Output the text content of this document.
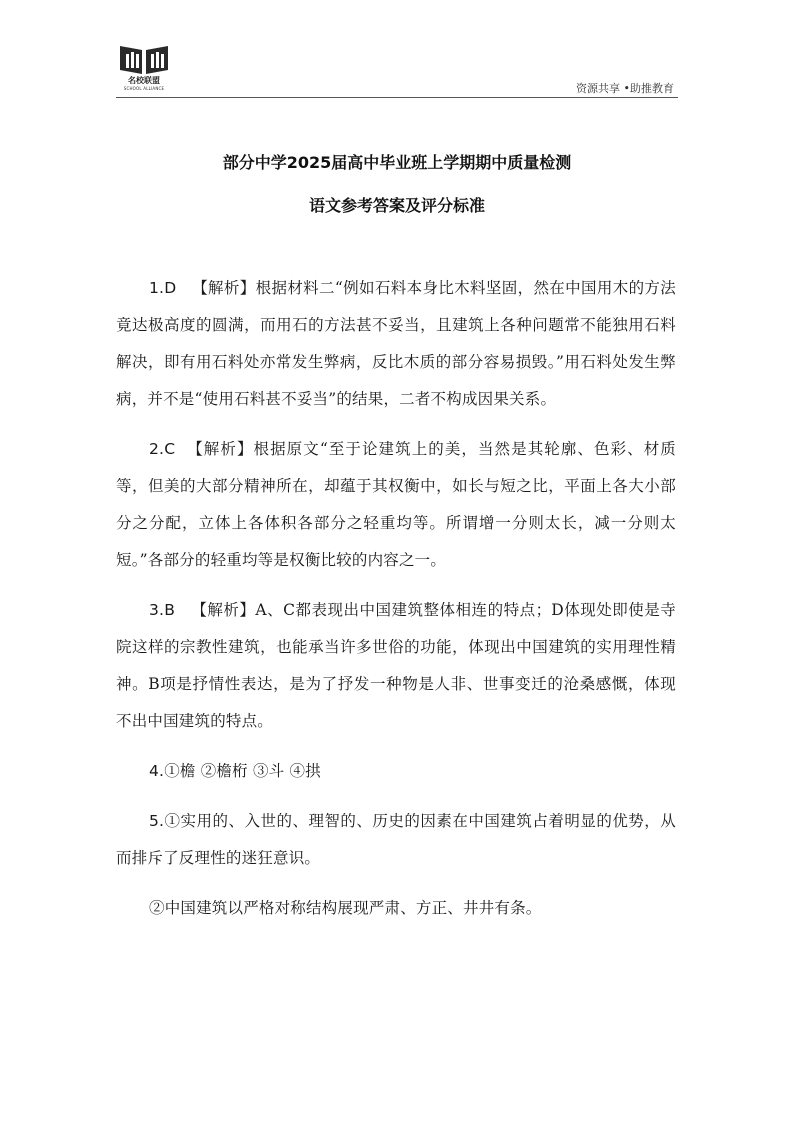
名校联盟
SCHOOL ALLIANCE	资源共享 •助推教育
部分中学2025届高中毕业班上学期期中质量检测
语文参考答案及评分标准

1.D 【解析】根据材料二“例如石料本身比木料坚固，然在中国用木的方法竟达极高度的圆满，而用石的方法甚不妥当，且建筑上各种问题常不能独用石料解决，即有用石料处亦常发生弊病，反比木质的部分容易损毁。”用石料处发生弊病，并不是“使用石料甚不妥当”的结果，二者不构成因果关系。

2.C 【解析】根据原文“至于论建筑上的美，当然是其轮廓、色彩、材质等，但美的大部分精神所在，却蕴于其权衡中，如长与短之比，平面上各大小部分之分配，立体上各体积各部分之轻重均等。所谓增一分则太长，减一分则太短。”各部分的轻重均等是权衡比较的内容之一。

3.B 【解析】A、C都表现出中国建筑整体相连的特点；D体现处即使是寺院这样的宗教性建筑，也能承当许多世俗的功能，体现出中国建筑的实用理性精神。B项是抒情性表达，是为了抒发一种物是人非、世事变迁的沧桑感慨，体现不出中国建筑的特点。

4.①檐 ②檐桁 ③斗 ④拱

5.①实用的、入世的、理智的、历史的因素在中国建筑占着明显的优势，从而排斥了反理性的迷狂意识。

②中国建筑以严格对称结构展现严肃、方正、井井有条。
